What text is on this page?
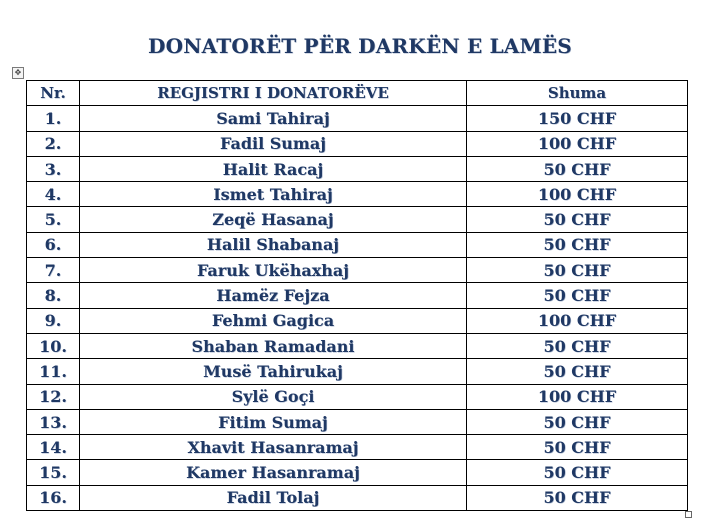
DONATORËT PËR DARKËN E LAMËS
✥
Nr.	REGJISTRI I DONATORËVE	Shuma
1.	Sami Tahiraj	150 CHF
2.	Fadil Sumaj	100 CHF
3.	Halit Racaj	50 CHF
4.	Ismet Tahiraj	100 CHF
5.	Zeqë Hasanaj	50 CHF
6.	Halil Shabanaj	50 CHF
7.	Faruk Ukëhaxhaj	50 CHF
8.	Hamëz Fejza	50 CHF
9.	Fehmi Gagica	100 CHF
10.	Shaban Ramadani	50 CHF
11.	Musë Tahirukaj	50 CHF
12.	Sylë Goçi	100 CHF
13.	Fitim Sumaj	50 CHF
14.	Xhavit Hasanramaj	50 CHF
15.	Kamer Hasanramaj	50 CHF
16.	Fadil Tolaj	50 CHF
